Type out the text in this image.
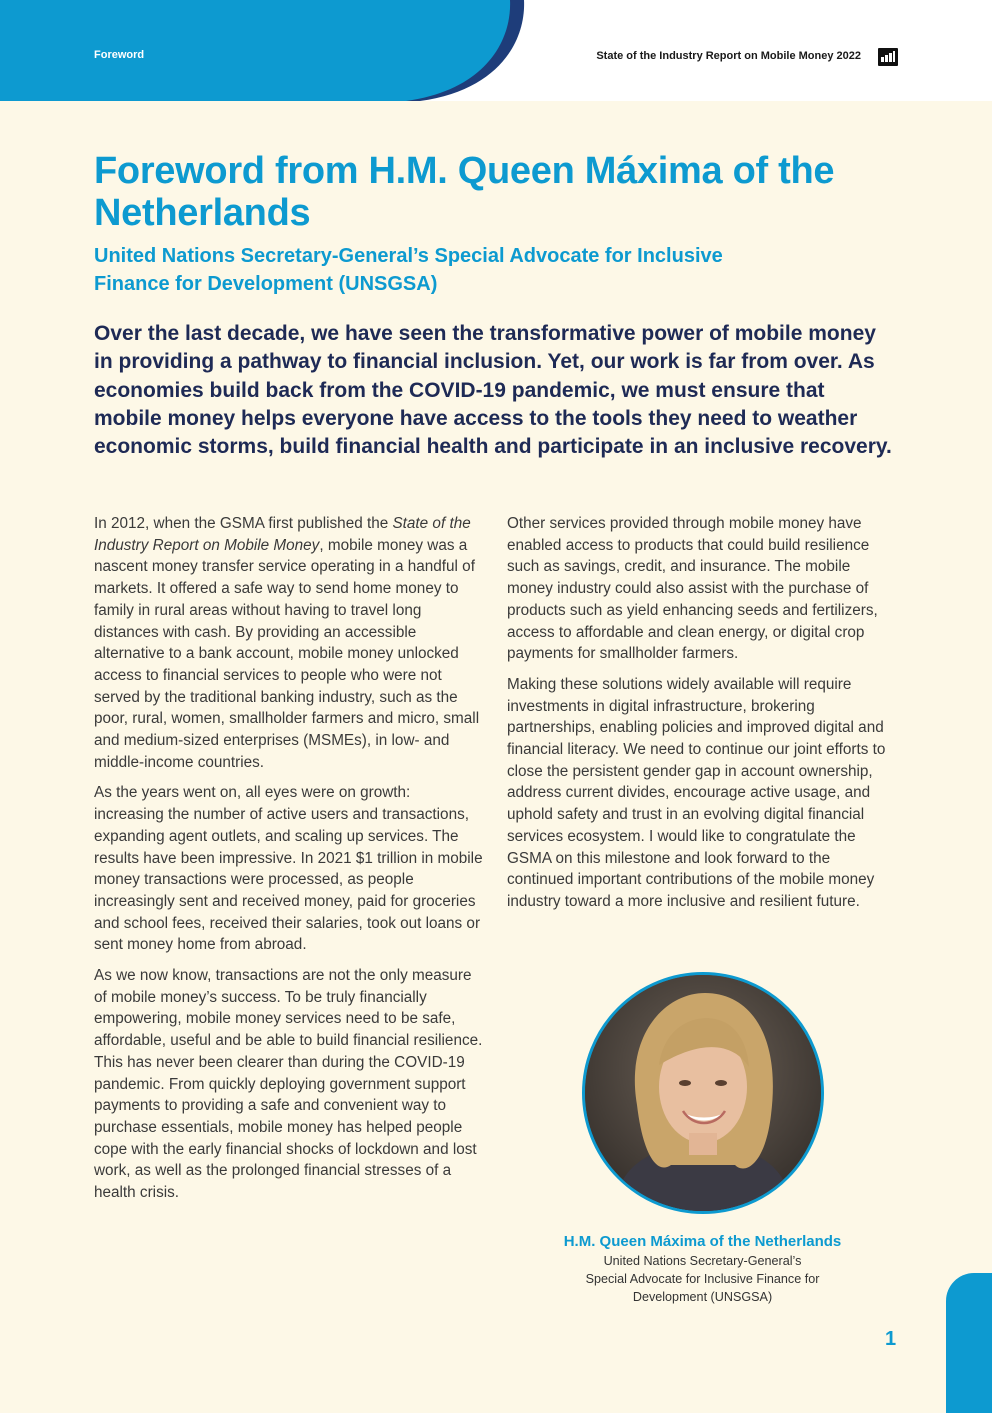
Foreword	State of the Industry Report on Mobile Money 2022
Foreword from H.M. Queen Máxima of the Netherlands
United Nations Secretary-General’s Special Advocate for Inclusive Finance for Development (UNSGSA)

Over the last decade, we have seen the transformative power of mobile money in providing a pathway to financial inclusion. Yet, our work is far from over. As economies build back from the COVID-19 pandemic, we must ensure that mobile money helps everyone have access to the tools they need to weather economic storms, build financial health and participate in an inclusive recovery.

In 2012, when the GSMA first published the State of the Industry Report on Mobile Money, mobile money was a nascent money transfer service operating in a handful of markets. It offered a safe way to send home money to family in rural areas without having to travel long distances with cash. By providing an accessible alternative to a bank account, mobile money unlocked access to financial services to people who were not served by the traditional banking industry, such as the poor, rural, women, smallholder farmers and micro, small and medium-sized enterprises (MSMEs), in low- and middle-income countries.

As the years went on, all eyes were on growth: increasing the number of active users and transactions, expanding agent outlets, and scaling up services. The results have been impressive. In 2021 $1 trillion in mobile money transactions were processed, as people increasingly sent and received money, paid for groceries and school fees, received their salaries, took out loans or sent money home from abroad.

As we now know, transactions are not the only measure of mobile money’s success. To be truly financially empowering, mobile money services need to be safe, affordable, useful and be able to build financial resilience. This has never been clearer than during the COVID-19 pandemic. From quickly deploying government support payments to providing a safe and convenient way to purchase essentials, mobile money has helped people cope with the early financial shocks of lockdown and lost work, as well as the prolonged financial stresses of a health crisis.

Other services provided through mobile money have enabled access to products that could build resilience such as savings, credit, and insurance. The mobile money industry could also assist with the purchase of products such as yield enhancing seeds and fertilizers, access to affordable and clean energy, or digital crop payments for smallholder farmers.

Making these solutions widely available will require investments in digital infrastructure, brokering partnerships, enabling policies and improved digital and financial literacy. We need to continue our joint efforts to close the persistent gender gap in account ownership, address current divides, encourage active usage, and uphold safety and trust in an evolving digital financial services ecosystem. I would like to congratulate the GSMA on this milestone and look forward to the continued important contributions of the mobile money industry toward a more inclusive and resilient future.

H.M. Queen Máxima of the Netherlands
United Nations Secretary-General’s
Special Advocate for Inclusive Finance for
Development (UNSGSA)
1
